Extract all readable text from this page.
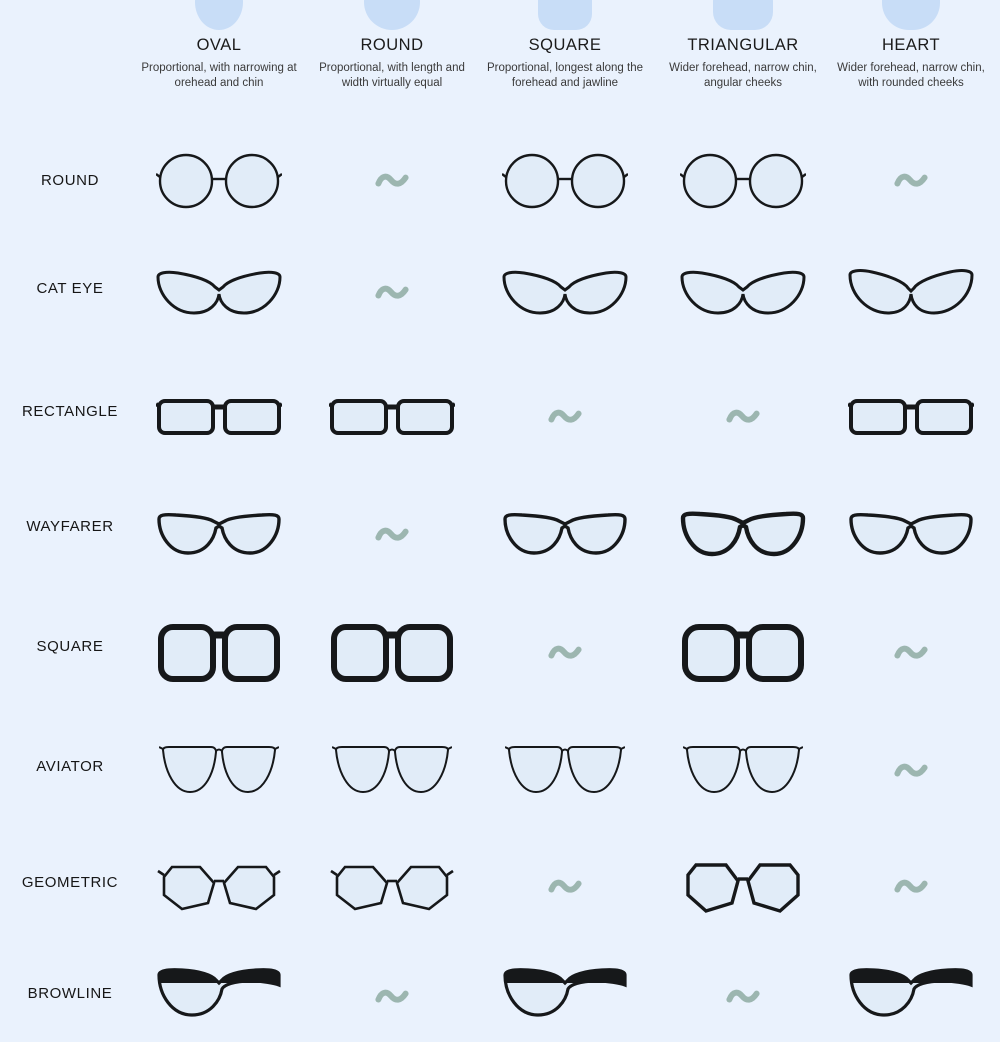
OVAL
Proportional, with narrowing at orehead and chin
ROUND
Proportional, with length and width virtually equal
SQUARE
Proportional, longest along the forehead and jawline
TRIANGULAR
Wider forehead, narrow chin, angular cheeks
HEART
Wider forehead, narrow chin, with rounded cheeks
ROUND
CAT EYE
RECTANGLE
WAYFARER
SQUARE
AVIATOR
GEOMETRIC
BROWLINE
